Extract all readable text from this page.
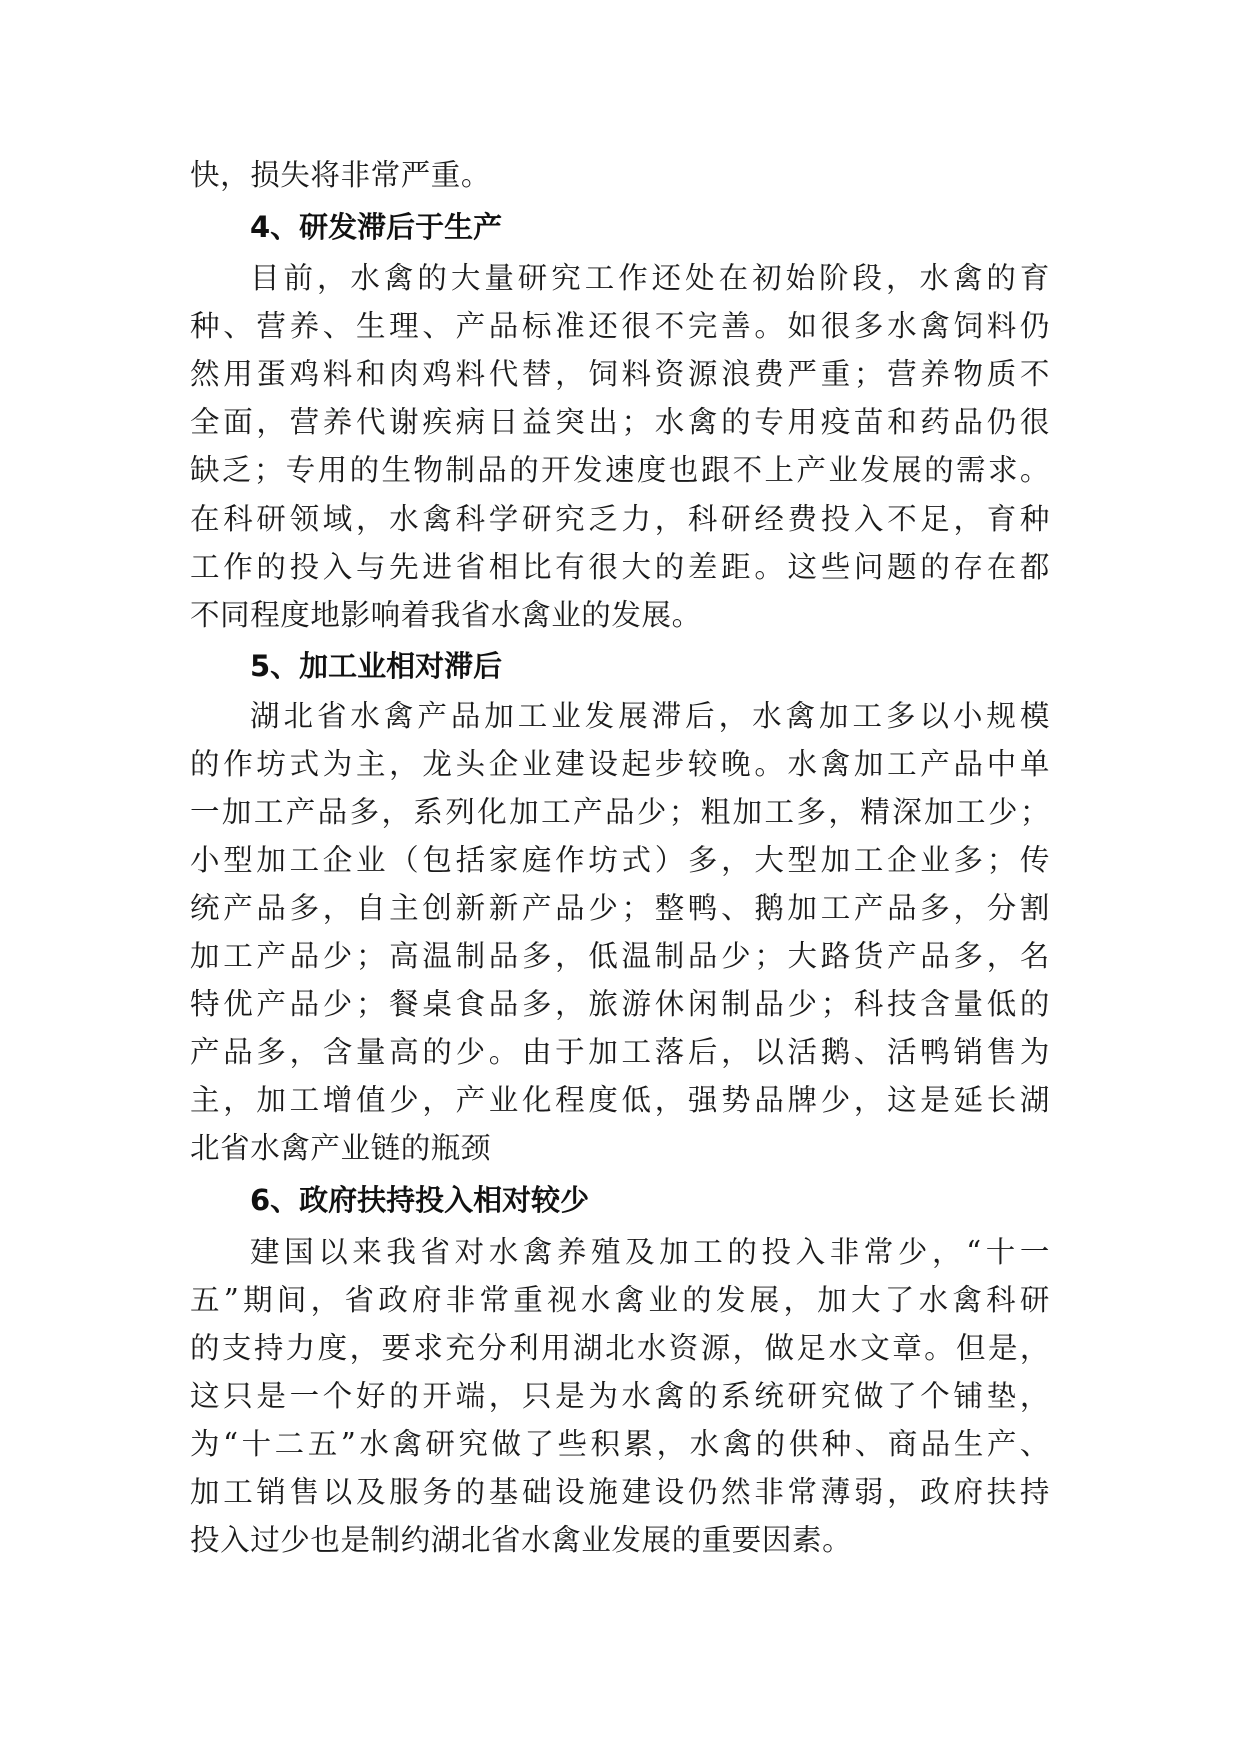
快，损失将非常严重。
4、研发滞后于生产
目前，水禽的大量研究工作还处在初始阶段，水禽的育
种、营养、生理、产品标准还很不完善。如很多水禽饲料仍
然用蛋鸡料和肉鸡料代替，饲料资源浪费严重；营养物质不
全面，营养代谢疾病日益突出；水禽的专用疫苗和药品仍很
缺乏；专用的生物制品的开发速度也跟不上产业发展的需求。
在科研领域，水禽科学研究乏力，科研经费投入不足，育种
工作的投入与先进省相比有很大的差距。这些问题的存在都
不同程度地影响着我省水禽业的发展。
5、加工业相对滞后
湖北省水禽产品加工业发展滞后，水禽加工多以小规模
的作坊式为主，龙头企业建设起步较晚。水禽加工产品中单
一加工产品多，系列化加工产品少；粗加工多，精深加工少；
小型加工企业（包括家庭作坊式）多，大型加工企业多；传
统产品多，自主创新新产品少；整鸭、鹅加工产品多，分割
加工产品少；高温制品多，低温制品少；大路货产品多，名
特优产品少；餐桌食品多，旅游休闲制品少；科技含量低的
产品多，含量高的少。由于加工落后，以活鹅、活鸭销售为
主，加工增值少，产业化程度低，强势品牌少，这是延长湖
北省水禽产业链的瓶颈
6、政府扶持投入相对较少
建国以来我省对水禽养殖及加工的投入非常少，“十一
五”期间，省政府非常重视水禽业的发展，加大了水禽科研
的支持力度，要求充分利用湖北水资源，做足水文章。但是，
这只是一个好的开端，只是为水禽的系统研究做了个铺垫，
为“十二五”水禽研究做了些积累，水禽的供种、商品生产、
加工销售以及服务的基础设施建设仍然非常薄弱，政府扶持
投入过少也是制约湖北省水禽业发展的重要因素。
